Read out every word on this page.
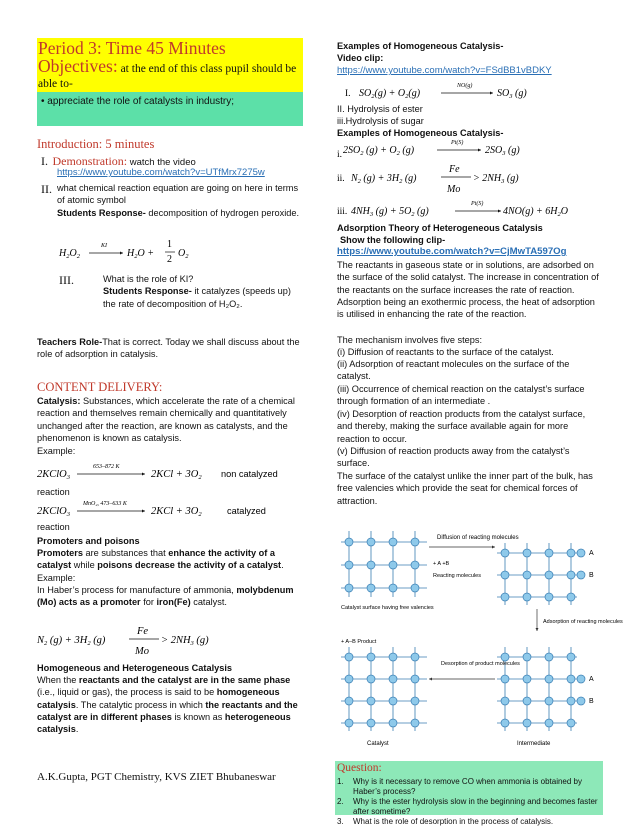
Period 3: Time 45 Minutes
Objectives: at the end of this class pupil should be able to-
• appreciate the role of catalysts in industry;
Introduction: 5 minutes
I. Demonstration: watch the video
https://www.youtube.com/watch?v=UTfMrx7275w
II. what chemical reaction equation are going on here in terms of atomic symbol
Students Response- decomposition of hydrogen peroxide.
$H_2O_2$
KI
$H_2O$ +
1
2
$O_2$
III.	What is the role of KI?
Students Response- it catalyzes (speeds up) the rate of decomposition of H₂O₂.
Teachers Role-That is correct. Today we shall discuss about the role of adsorption in catalysis.
CONTENT DELIVERY:
Catalysis: Substances, which accelerate the rate of a chemical reaction and themselves remain chemically and quantitatively unchanged after the reaction, are known as catalysts, and the phenomenon is known as catalysis.
Example:
2KClO3
653–872 K
2KCl + 3O2 non catalyzed
reaction
2KClO3
MnO₂, 473–633 K
2KCl + 3O2	catalyzed
reaction
Promoters and poisons
Promoters are substances that enhance the activity of a catalyst while poisons decrease the activity of a catalyst.
Example:
In Haber’s process for manufacture of ammonia, molybdenum (Mo) acts as a promoter for iron(Fe) catalyst.
N2 (g) + 3H2 (g)
Fe
Mo
> 2NH3 (g)
Homogeneous and Heterogeneous Catalysis
When the reactants and the catalyst are in the same phase (i.e., liquid or gas), the process is said to be homogeneous catalysis. The catalytic process in which the reactants and the catalyst are in different phases is known as heterogeneous catalysis.
A.K.Gupta, PGT Chemistry, KVS ZIET Bhubaneswar
Examples of Homogeneous Catalysis-
Video clip:
https://www.youtube.com/watch?v=FSdBB1vBDKY
I. $SO_2(g) + O_2(g)$
NO(g)
$SO_3$ (g)
II. Hydrolysis of ester
iii.Hydrolysis of sugar
Examples of Homogeneous Catalysis-
i. $2SO_2$ $(g) + O_2$ (g)
Pt(S)
$2SO_3$ (g)
ii. $N_2$ $(g) + 3H_2$ (g)
Fe
Mo
> $2NH_3$ (g)
iii. $4NH_3$ $(g) + 5O_2$ (g)
Pt(S)
$4NO(g) + 6H_2O$
Adsorption Theory of Heterogeneous Catalysis
Show the following clip-
https://www.youtube.com/watch?v=CjMwTA597Og
The reactants in gaseous state or in solutions, are adsorbed on the surface of the solid catalyst. The increase in concentration of the reactants on the surface increases the rate of reaction. Adsorption being an exothermic process, the heat of adsorption is utilised in enhancing the rate of the reaction.
The mechanism involves five steps:
(i) Diffusion of reactants to the surface of the catalyst.
(ii) Adsorption of reactant molecules on the surface of the catalyst.
(iii) Occurrence of chemical reaction on the catalyst’s surface through formation of an intermediate .
(iv) Desorption of reaction products from the catalyst surface, and thereby, making the surface available again for more reaction to occur.
(v) Diffusion of reaction products away from the catalyst’s surface.
The surface of the catalyst unlike the inner part of the bulk, has free valencies which provide the seat for chemical forces of attraction.
A
B
Diffusion of reacting molecules
+ A +B
Reacting molecules
Catalyst surface having free valencies
Adsorption of reacting molecules
A
B
Desorption of product molecules
+ A–B Product
Catalyst	Intermediate
Question:
1. Why is it necessary to remove CO when ammonia is obtained by Haber’s process?
2. Why is the ester hydrolysis slow in the beginning and becomes faster after sometime?
3. What is the role of desorption in the process of catalysis.
